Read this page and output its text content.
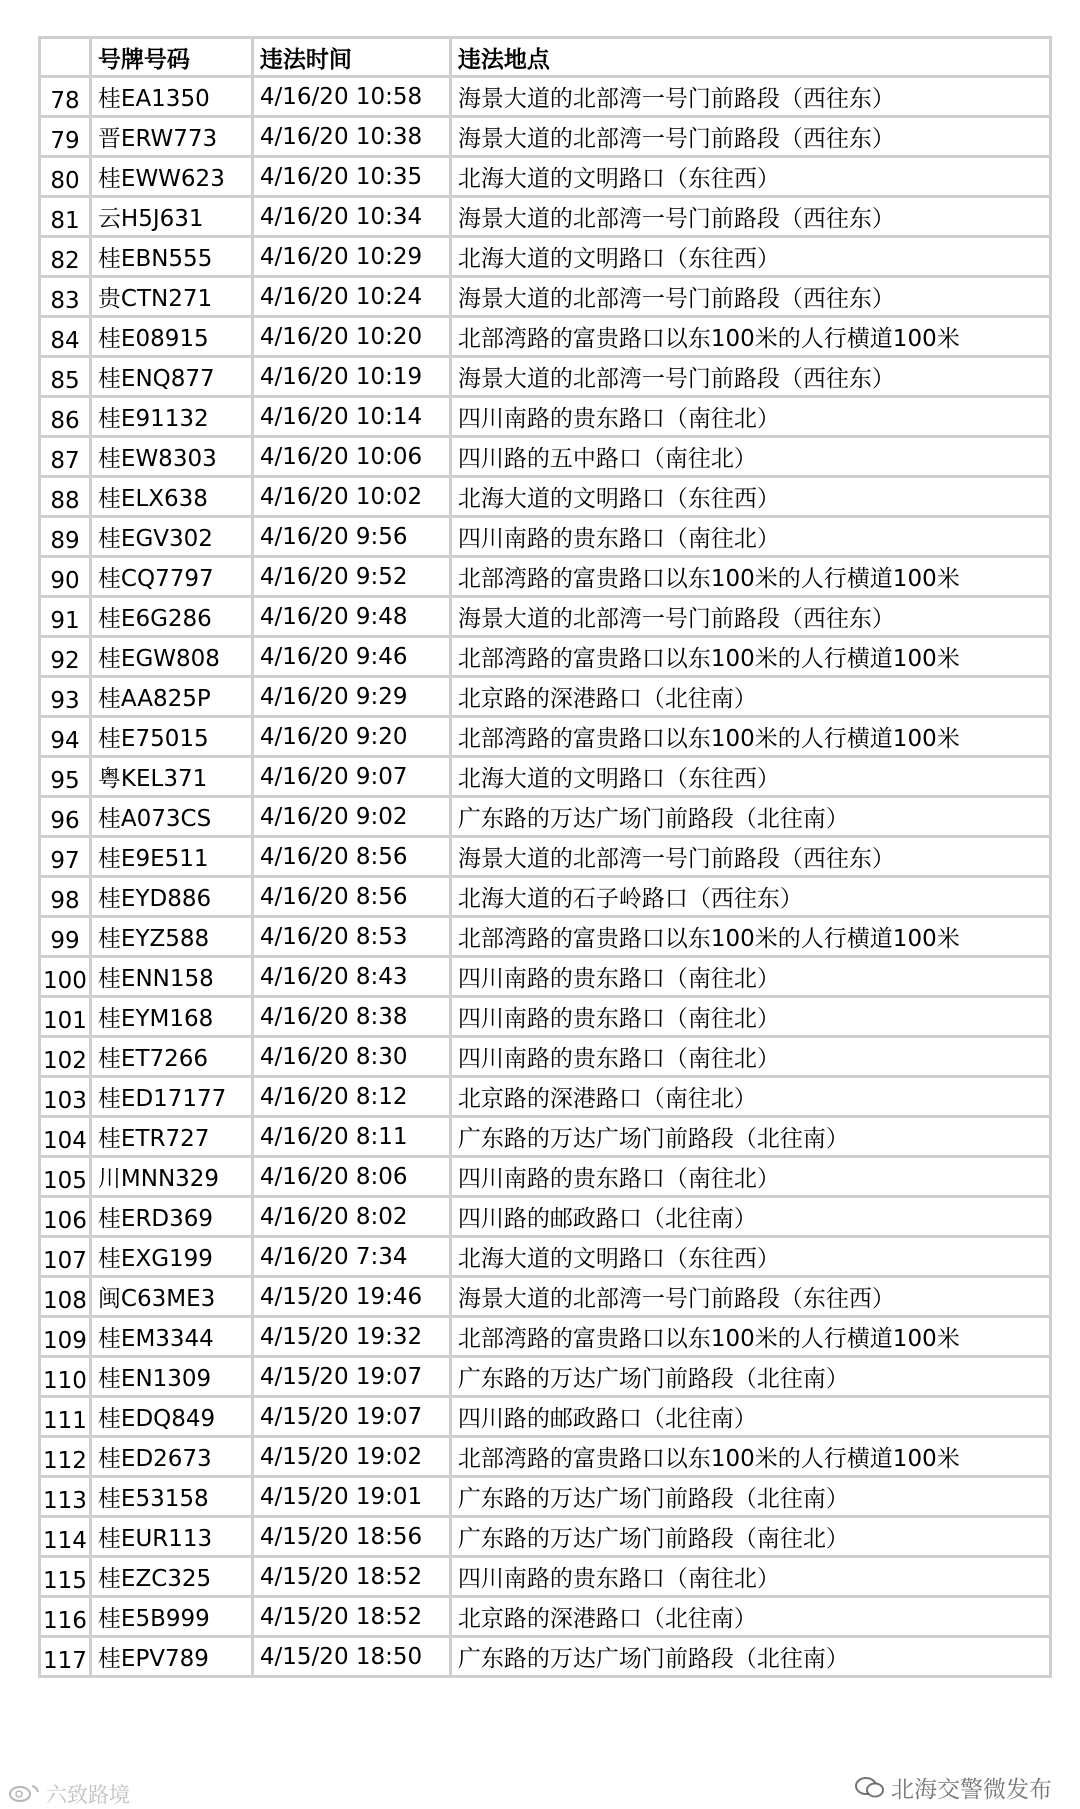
	号牌号码	违法时间	违法地点
78	桂EA1350	4/16/20 10:58	海景大道的北部湾一号门前路段（西往东）
79	晋ERW773	4/16/20 10:38	海景大道的北部湾一号门前路段（西往东）
80	桂EWW623	4/16/20 10:35	北海大道的文明路口（东往西）
81	云H5J631	4/16/20 10:34	海景大道的北部湾一号门前路段（西往东）
82	桂EBN555	4/16/20 10:29	北海大道的文明路口（东往西）
83	贵CTN271	4/16/20 10:24	海景大道的北部湾一号门前路段（西往东）
84	桂E08915	4/16/20 10:20	北部湾路的富贵路口以东100米的人行横道100米
85	桂ENQ877	4/16/20 10:19	海景大道的北部湾一号门前路段（西往东）
86	桂E91132	4/16/20 10:14	四川南路的贵东路口（南往北）
87	桂EW8303	4/16/20 10:06	四川路的五中路口（南往北）
88	桂ELX638	4/16/20 10:02	北海大道的文明路口（东往西）
89	桂EGV302	4/16/20 9:56	四川南路的贵东路口（南往北）
90	桂CQ7797	4/16/20 9:52	北部湾路的富贵路口以东100米的人行横道100米
91	桂E6G286	4/16/20 9:48	海景大道的北部湾一号门前路段（西往东）
92	桂EGW808	4/16/20 9:46	北部湾路的富贵路口以东100米的人行横道100米
93	桂AA825P	4/16/20 9:29	北京路的深港路口（北往南）
94	桂E75015	4/16/20 9:20	北部湾路的富贵路口以东100米的人行横道100米
95	粤KEL371	4/16/20 9:07	北海大道的文明路口（东往西）
96	桂A073CS	4/16/20 9:02	广东路的万达广场门前路段（北往南）
97	桂E9E511	4/16/20 8:56	海景大道的北部湾一号门前路段（西往东）
98	桂EYD886	4/16/20 8:56	北海大道的石子岭路口（西往东）
99	桂EYZ588	4/16/20 8:53	北部湾路的富贵路口以东100米的人行横道100米
100	桂ENN158	4/16/20 8:43	四川南路的贵东路口（南往北）
101	桂EYM168	4/16/20 8:38	四川南路的贵东路口（南往北）
102	桂ET7266	4/16/20 8:30	四川南路的贵东路口（南往北）
103	桂ED17177	4/16/20 8:12	北京路的深港路口（南往北）
104	桂ETR727	4/16/20 8:11	广东路的万达广场门前路段（北往南）
105	川MNN329	4/16/20 8:06	四川南路的贵东路口（南往北）
106	桂ERD369	4/16/20 8:02	四川路的邮政路口（北往南）
107	桂EXG199	4/16/20 7:34	北海大道的文明路口（东往西）
108	闽C63ME3	4/15/20 19:46	海景大道的北部湾一号门前路段（东往西）
109	桂EM3344	4/15/20 19:32	北部湾路的富贵路口以东100米的人行横道100米
110	桂EN1309	4/15/20 19:07	广东路的万达广场门前路段（北往南）
111	桂EDQ849	4/15/20 19:07	四川路的邮政路口（北往南）
112	桂ED2673	4/15/20 19:02	北部湾路的富贵路口以东100米的人行横道100米
113	桂E53158	4/15/20 19:01	广东路的万达广场门前路段（北往南）
114	桂EUR113	4/15/20 18:56	广东路的万达广场门前路段（南往北）
115	桂EZC325	4/15/20 18:52	四川南路的贵东路口（南往北）
116	桂E5B999	4/15/20 18:52	北京路的深港路口（北往南）
117	桂EPV789	4/15/20 18:50	广东路的万达广场门前路段（北往南）
北海交警微发布
六致路境
